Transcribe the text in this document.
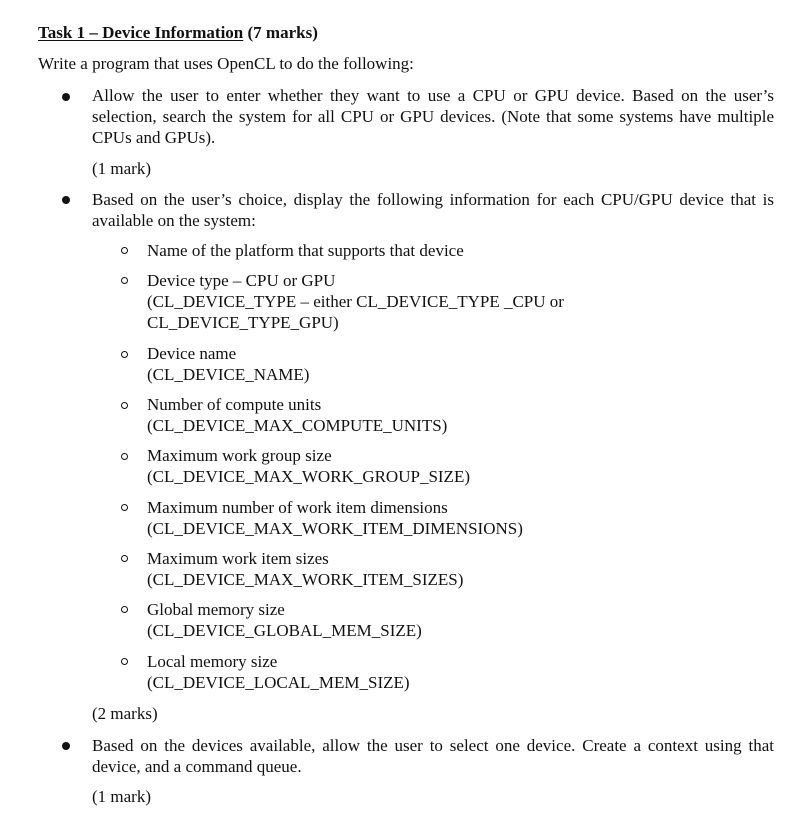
Task 1 – Device Information (7 marks)
Write a program that uses OpenCL to do the following:
Allow the user to enter whether they want to use a CPU or GPU device. Based on the user’s selection, search the system for all CPU or GPU devices. (Note that some systems have multiple CPUs and GPUs).
(1 mark)
Based on the user’s choice, display the following information for each CPU/GPU device that is available on the system:
Name of the platform that supports that device
Device type – CPU or GPU
(CL_DEVICE_TYPE – either CL_DEVICE_TYPE _CPU or
CL_DEVICE_TYPE_GPU)
Device name
(CL_DEVICE_NAME)
Number of compute units
(CL_DEVICE_MAX_COMPUTE_UNITS)
Maximum work group size
(CL_DEVICE_MAX_WORK_GROUP_SIZE)
Maximum number of work item dimensions
(CL_DEVICE_MAX_WORK_ITEM_DIMENSIONS)
Maximum work item sizes
(CL_DEVICE_MAX_WORK_ITEM_SIZES)
Global memory size
(CL_DEVICE_GLOBAL_MEM_SIZE)
Local memory size
(CL_DEVICE_LOCAL_MEM_SIZE)
(2 marks)
Based on the devices available, allow the user to select one device. Create a context using that device, and a command queue.
(1 mark)
